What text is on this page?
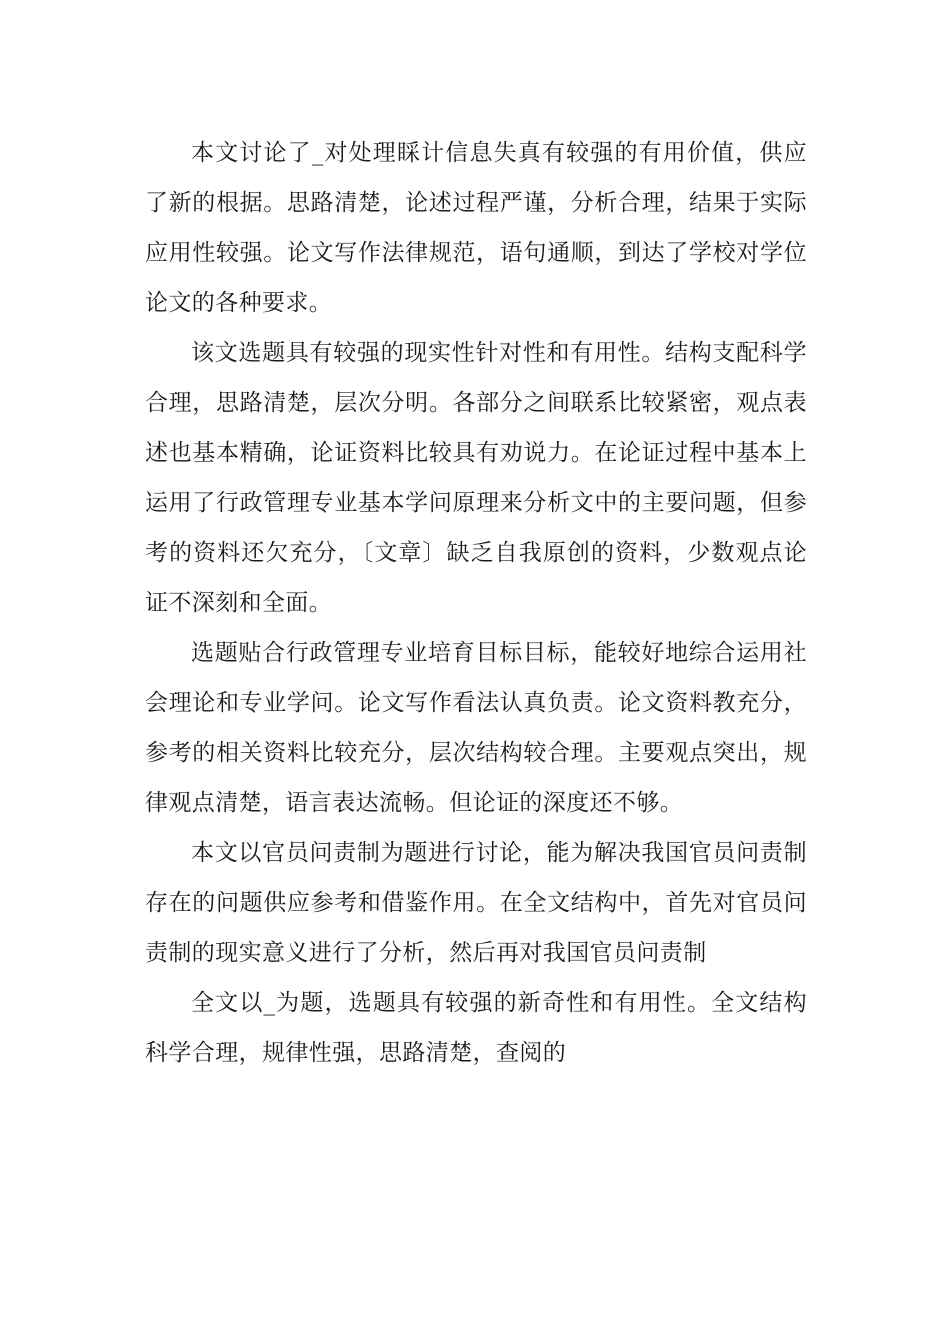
本文讨论了_对处理睬计信息失真有较强的有用价值，供应了新的根据。思路清楚，论述过程严谨，分析合理，结果于实际应用性较强。论文写作法律规范，语句通顺，到达了学校对学位论文的各种要求。

该文选题具有较强的现实性针对性和有用性。结构支配科学合理，思路清楚，层次分明。各部分之间联系比较紧密，观点表述也基本精确，论证资料比较具有劝说力。在论证过程中基本上运用了行政管理专业基本学问原理来分析文中的主要问题，但参考的资料还欠充分，〔文章〕缺乏自我原创的资料，少数观点论证不深刻和全面。

选题贴合行政管理专业培育目标目标，能较好地综合运用社会理论和专业学问。论文写作看法认真负责。论文资料教充分，参考的相关资料比较充分，层次结构较合理。主要观点突出，规律观点清楚，语言表达流畅。但论证的深度还不够。

本文以官员问责制为题进行讨论，能为解决我国官员问责制存在的问题供应参考和借鉴作用。在全文结构中，首先对官员问责制的现实意义进行了分析，然后再对我国官员问责制

全文以_为题，选题具有较强的新奇性和有用性。全文结构科学合理，规律性强，思路清楚，查阅的
